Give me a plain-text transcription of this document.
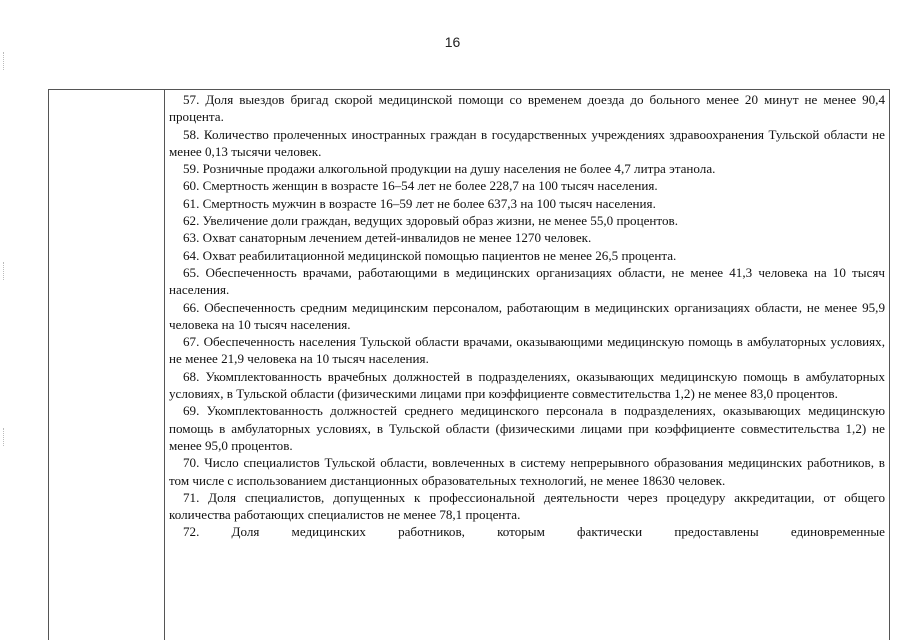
16

57. Доля выездов бригад скорой медицинской помощи со временем доезда до больного менее 20 минут не менее 90,4 процента.

58. Количество пролеченных иностранных граждан в государственных учреждениях здравоохранения Тульской области не менее 0,13 тысячи человек.

59. Розничные продажи алкогольной продукции на душу населения не более 4,7 литра этанола.

60. Смертность женщин в возрасте 16–54 лет не более 228,7 на 100 тысяч населения.

61. Смертность мужчин в возрасте 16–59 лет не более 637,3 на 100 тысяч населения.

62. Увеличение доли граждан, ведущих здоровый образ жизни, не менее 55,0 процентов.

63. Охват санаторным лечением детей-инвалидов не менее 1270 человек.

64. Охват реабилитационной медицинской помощью пациентов не менее 26,5 процента.

65. Обеспеченность врачами, работающими в медицинских организациях области, не менее 41,3 человека на 10 тысяч населения.

66. Обеспеченность средним медицинским персоналом, работающим в медицинских организациях области, не менее 95,9 человека на 10 тысяч населения.

67. Обеспеченность населения Тульской области врачами, оказывающими медицинскую помощь в амбулаторных условиях, не менее 21,9 человека на 10 тысяч населения.

68. Укомплектованность врачебных должностей в подразделениях, оказывающих медицинскую помощь в амбулаторных условиях, в Тульской области (физическими лицами при коэффициенте совместительства 1,2) не менее 83,0 процентов.

69. Укомплектованность должностей среднего медицинского персонала в подразделениях, оказывающих медицинскую помощь в амбулаторных условиях, в Тульской области (физическими лицами при коэффициенте совместительства 1,2) не менее 95,0 процентов.

70. Число специалистов Тульской области, вовлеченных в систему непрерывного образования медицинских работников, в том числе с использованием дистанционных образовательных технологий, не менее 18630 человек.

71. Доля специалистов, допущенных к профессиональной деятельности через процедуру аккредитации, от общего количества работающих специалистов не менее 78,1 процента.

72. Доля медицинских работников, которым фактически предоставлены единовременные
